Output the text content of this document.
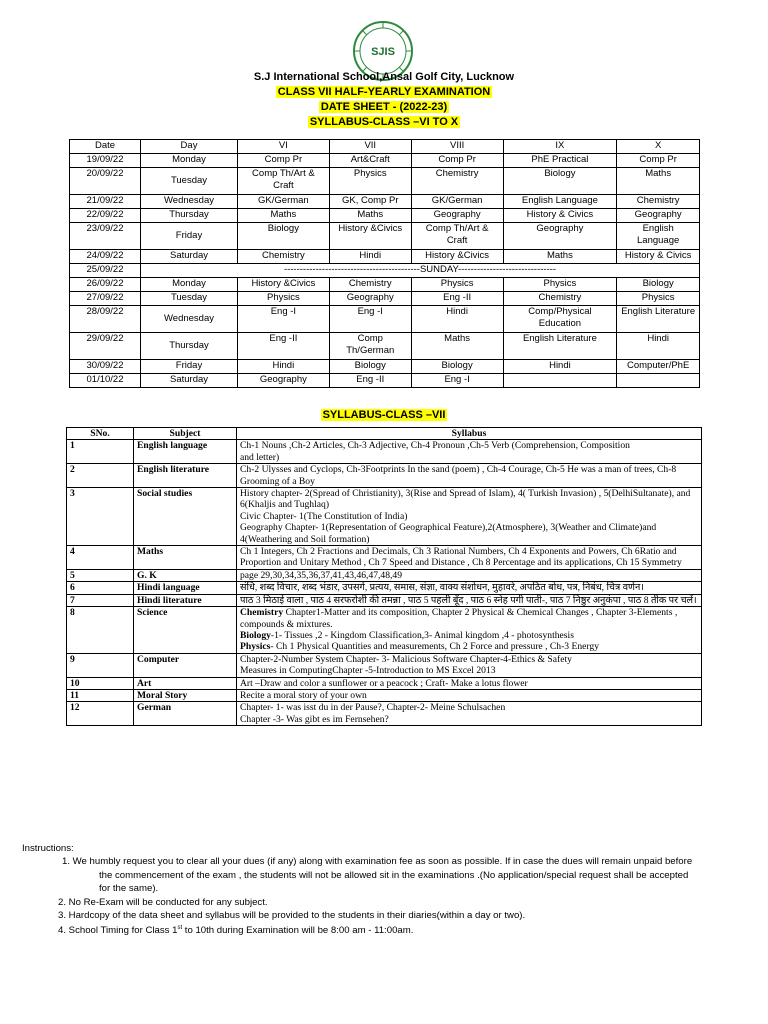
SJIS
S.J International School,Ansal Golf City, Lucknow
CLASS VII HALF-YEARLY EXAMINATION
DATE SHEET - (2022-23)
SYLLABUS-CLASS –VI TO X
Date	Day	VI	VII	VIII	IX	X
19/09/22	Monday	Comp Pr	Art&Craft	Comp Pr	PhE Practical	Comp Pr
20/09/22	Tuesday	Comp Th/Art & Craft	Physics	Chemistry	Biology	Maths
21/09/22	Wednesday	GK/German	GK, Comp Pr	GK/German	English Language	Chemistry
22/09/22	Thursday	Maths	Maths	Geography	History & Civics	Geography
23/09/22	Friday	Biology	History &Civics	Comp Th/Art & Craft	Geography	English Language
24/09/22	Saturday	Chemistry	Hindi	History &Civics	Maths	History & Civics
25/09/22	-------------------------------------------SUNDAY-------------------------------					
26/09/22	Monday	History &Civics	Chemistry	Physics	Physics	Biology
27/09/22	Tuesday	Physics	Geography	Eng -II	Chemistry	Physics
28/09/22	Wednesday	Eng -I	Eng -I	Hindi	Comp/Physical Education	English Literature
29/09/22	Thursday	Eng -II	Comp Th/German	Maths	English Literature	Hindi
30/09/22	Friday	Hindi	Biology	Biology	Hindi	Computer/PhE
01/10/22	Saturday	Geography	Eng -II	Eng -I		
SYLLABUS-CLASS –VII
SNo.	Subject	Syllabus
1	English language	Ch-1 Nouns ,Ch-2 Articles, Ch-3 Adjective, Ch-4 Pronoun ,Ch-5 Verb (Comprehension, Composition
and letter)
2	English literature	Ch-2 Ulysses and Cyclops, Ch-3Footprints In the sand (poem) , Ch-4 Courage, Ch-5 He was a man of trees, Ch-8 Grooming of a Boy
3	Social studies	History chapter- 2(Spread of Christianity), 3(Rise and Spread of Islam), 4( Turkish Invasion) , 5(DelhiSultanate), and 6(Khaljis and Tughlaq)
Civic Chapter- 1(The Constitution of India)
Geography Chapter- 1(Representation of Geographical Feature),2(Atmosphere), 3(Weather and Climate)and 4(Weathering and Soil formation)
4	Maths	Ch 1 Integers, Ch 2 Fractions and Decimals, Ch 3 Rational Numbers, Ch 4 Exponents and Powers, Ch 6Ratio and Proportion and Unitary Method , Ch 7 Speed and Distance , Ch 8 Percentage and its applications, Ch 15 Symmetry
5	G. K	page 29,30,34,35,36,37,41,43,46,47,48,49
6	Hindi language	संधि, शब्द विचार, शब्द भंडार, उपसर्ग, प्रत्यय, समास, संज्ञा, वाक्य संशोधन, मुहावरे, अपठित बोध, पत्र, निबंध, चित्र वर्णन।
7	Hindi literature	पाठ 3 मिठाई वाला , पाठ 4 सरफरोशी की तमन्ना , पाठ 5 पहली बूँद , पाठ 6 स्नेह पगी पाती-, पाठ 7 निष्ठुर अनुकंपा , पाठ 8 तीक पर चलें।
8	Science	Chemistry Chapter1-Matter and its composition, Chapter 2 Physical & Chemical Changes , Chapter 3-Elements , compounds & mixtures.
Biology-1- Tissues ,2 - Kingdom Classification,3- Animal kingdom ,4 - photosynthesis
Physics- Ch 1 Physical Quantities and measurements, Ch 2 Force and pressure , Ch-3 Energy

9	Computer	Chapter-2-Number System Chapter- 3- Malicious Software Chapter-4-Ethics & Safety
Measures in ComputingChapter -5-Introduction to MS Excel 2013
10	Art	Art –Draw and color a sunflower or a peacock ; Craft- Make a lotus flower
11	Moral Story	Recite a moral story of your own
12	German	Chapter- 1- was isst du in der Pause?, Chapter-2- Meine Schulsachen
Chapter -3- Was gibt es im Fernsehen?
Instructions:
1. We humbly request you to clear all your dues (if any) along with examination fee as soon as possible. If in case the dues will remain unpaid before
the commencement of the exam , the students will not be allowed sit in the examinations .(No application/special request shall be accepted
for the same).
2. No Re-Exam will be conducted for any subject.
3. Hardcopy of the data sheet and syllabus will be provided to the students in their diaries(within a day or two).
4. School Timing for Class 1st to 10th during Examination will be 8:00 am - 11:00am.
